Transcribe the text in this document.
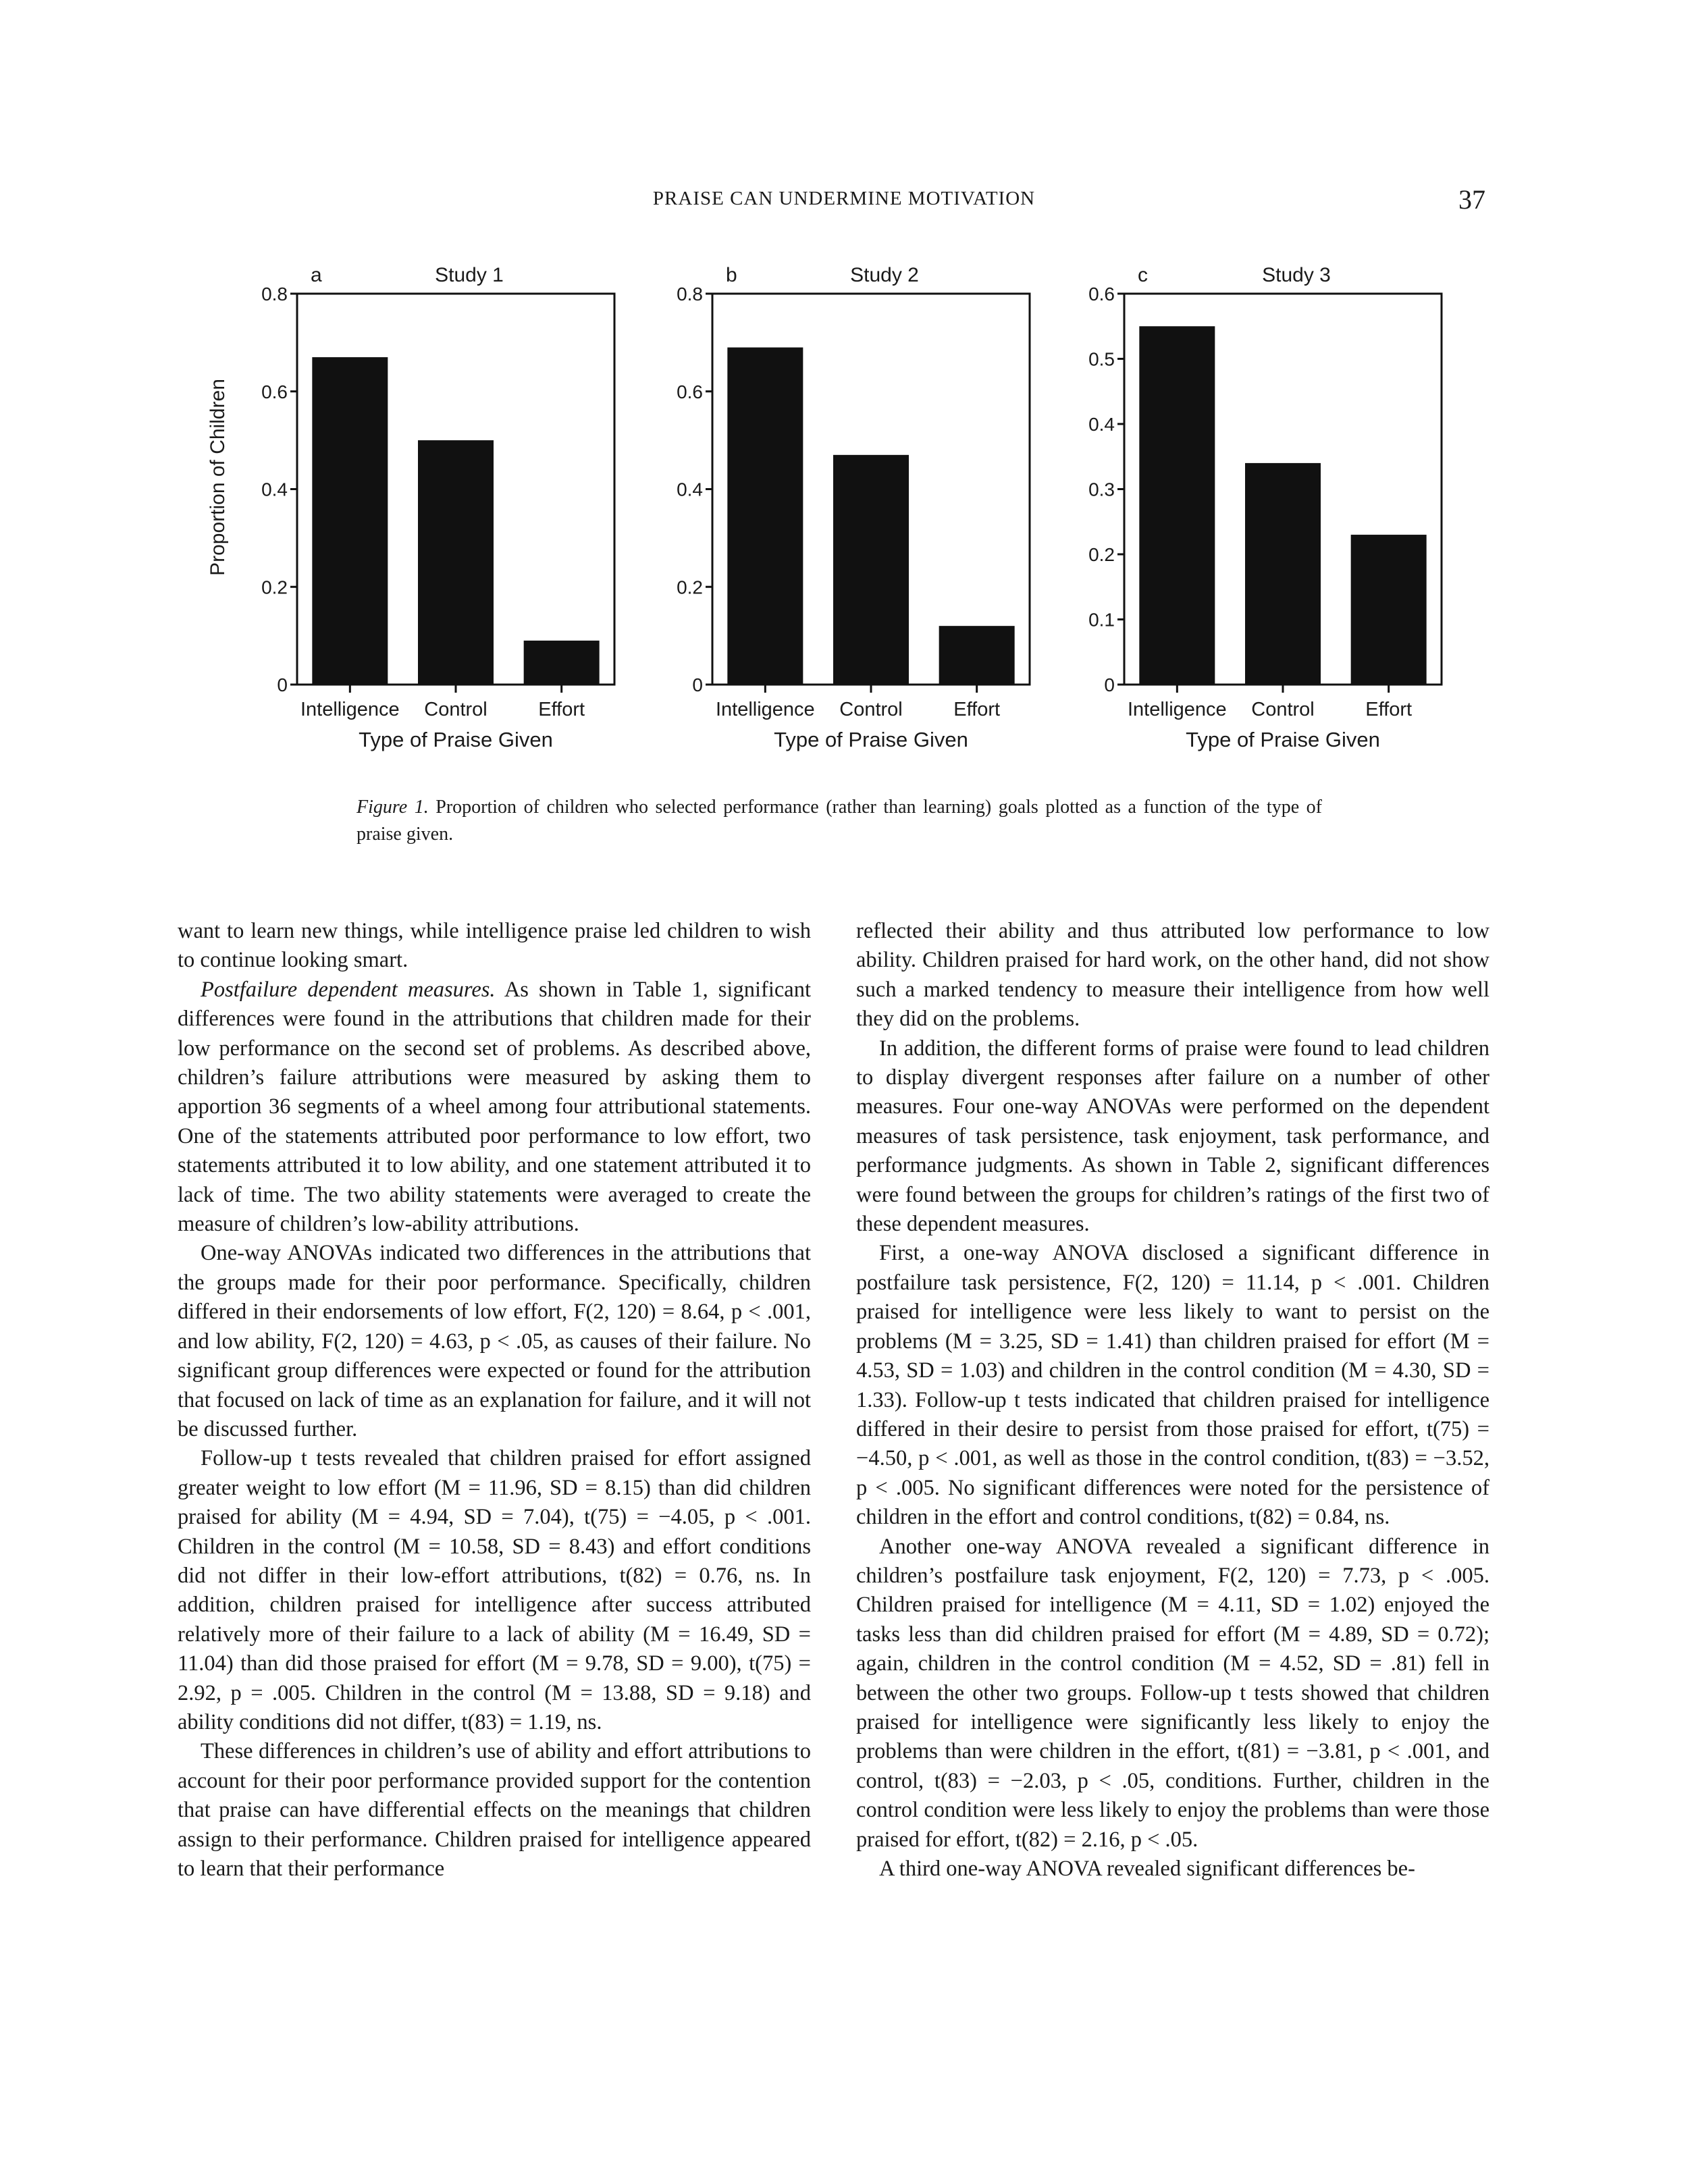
PRAISE CAN UNDERMINE MOTIVATION	37
Proportion of Children
a	Study 1
0
0.2
0.4
0.6
0.8
Intelligence Control	Effort
Type of Praise Given
b	Study 2
0
0.2
0.4
0.6
0.8
Intelligence Control	Effort
Type of Praise Given
c	Study 3
0
0.1
0.2
0.3
0.4
0.5
0.6
Intelligence Control	Effort
Type of Praise Given
Figure 1. Proportion of children who selected performance (rather than learning) goals plotted as a function of the type of praise given.

want to learn new things, while intelligence praise led children to wish to continue looking smart.

Postfailure dependent measures. As shown in Table 1, significant differences were found in the attributions that children made for their low performance on the second set of problems. As described above, children’s failure attributions were measured by asking them to apportion 36 segments of a wheel among four attributional statements. One of the statements attributed poor performance to low effort, two statements attributed it to low ability, and one statement attributed it to lack of time. The two ability statements were averaged to create the measure of children’s low-ability attributions.

One-way ANOVAs indicated two differences in the attributions that the groups made for their poor performance. Specifically, children differed in their endorsements of low effort, F(2, 120) = 8.64, p < .001, and low ability, F(2, 120) = 4.63, p < .05, as causes of their failure. No significant group differences were expected or found for the attribution that focused on lack of time as an explanation for failure, and it will not be discussed further.

Follow-up t tests revealed that children praised for effort assigned greater weight to low effort (M = 11.96, SD = 8.15) than did children praised for ability (M = 4.94, SD = 7.04), t(75) = −4.05, p < .001. Children in the control (M = 10.58, SD = 8.43) and effort conditions did not differ in their low-effort attributions, t(82) = 0.76, ns. In addition, children praised for intelligence after success attributed relatively more of their failure to a lack of ability (M = 16.49, SD = 11.04) than did those praised for effort (M = 9.78, SD = 9.00), t(75) = 2.92, p = .005. Children in the control (M = 13.88, SD = 9.18) and ability conditions did not differ, t(83) = 1.19, ns.

These differences in children’s use of ability and effort attributions to account for their poor performance provided support for the contention that praise can have differential effects on the meanings that children assign to their performance. Children praised for intelligence appeared to learn that their performance

reflected their ability and thus attributed low performance to low ability. Children praised for hard work, on the other hand, did not show such a marked tendency to measure their intelligence from how well they did on the problems.

In addition, the different forms of praise were found to lead children to display divergent responses after failure on a number of other measures. Four one-way ANOVAs were performed on the dependent measures of task persistence, task enjoyment, task performance, and performance judgments. As shown in Table 2, significant differences were found between the groups for children’s ratings of the first two of these dependent measures.

First, a one-way ANOVA disclosed a significant difference in postfailure task persistence, F(2, 120) = 11.14, p < .001. Children praised for intelligence were less likely to want to persist on the problems (M = 3.25, SD = 1.41) than children praised for effort (M = 4.53, SD = 1.03) and children in the control condition (M = 4.30, SD = 1.33). Follow-up t tests indicated that children praised for intelligence differed in their desire to persist from those praised for effort, t(75) = −4.50, p < .001, as well as those in the control condition, t(83) = −3.52, p < .005. No significant differences were noted for the persistence of children in the effort and control conditions, t(82) = 0.84, ns.

Another one-way ANOVA revealed a significant difference in children’s postfailure task enjoyment, F(2, 120) = 7.73, p < .005. Children praised for intelligence (M = 4.11, SD = 1.02) enjoyed the tasks less than did children praised for effort (M = 4.89, SD = 0.72); again, children in the control condition (M = 4.52, SD = .81) fell in between the other two groups. Follow-up t tests showed that children praised for intelligence were significantly less likely to enjoy the problems than were children in the effort, t(81) = −3.81, p < .001, and control, t(83) = −2.03, p < .05, conditions. Further, children in the control condition were less likely to enjoy the problems than were those praised for effort, t(82) = 2.16, p < .05.

A third one-way ANOVA revealed significant differences be-
